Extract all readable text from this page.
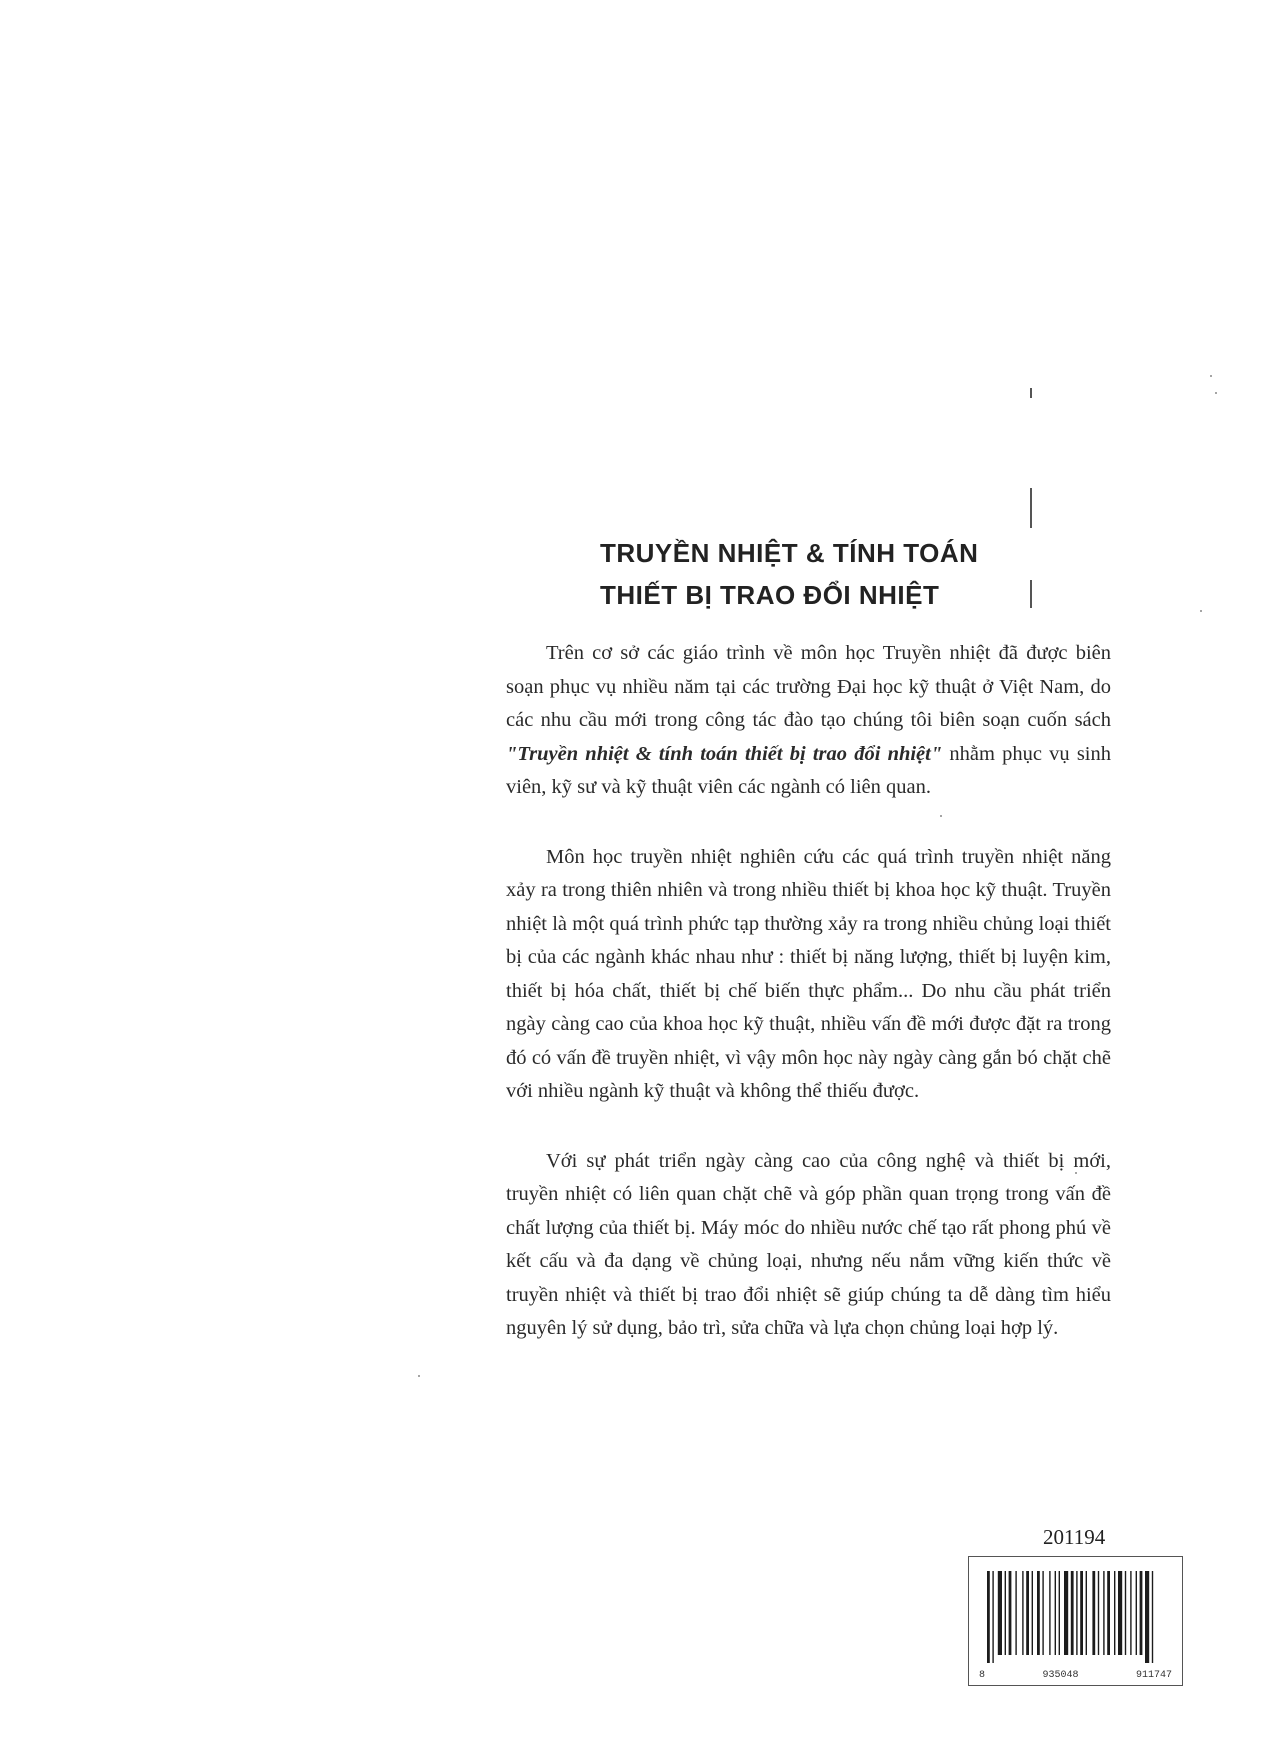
TRUYỀN NHIỆT & TÍNH TOÁN
THIẾT BỊ TRAO ĐỔI NHIỆT

Trên cơ sở các giáo trình về môn học Truyền nhiệt đã được biên soạn phục vụ nhiều năm tại các trường Đại học kỹ thuật ở Việt Nam, do các nhu cầu mới trong công tác đào tạo chúng tôi biên soạn cuốn sách "Truyền nhiệt & tính toán thiết bị trao đổi nhiệt" nhằm phục vụ sinh viên, kỹ sư và kỹ thuật viên các ngành có liên quan.

Môn học truyền nhiệt nghiên cứu các quá trình truyền nhiệt năng xảy ra trong thiên nhiên và trong nhiều thiết bị khoa học kỹ thuật. Truyền nhiệt là một quá trình phức tạp thường xảy ra trong nhiều chủng loại thiết bị của các ngành khác nhau như : thiết bị năng lượng, thiết bị luyện kim, thiết bị hóa chất, thiết bị chế biến thực phẩm... Do nhu cầu phát triển ngày càng cao của khoa học kỹ thuật, nhiều vấn đề mới được đặt ra trong đó có vấn đề truyền nhiệt, vì vậy môn học này ngày càng gắn bó chặt chẽ với nhiều ngành kỹ thuật và không thể thiếu được.

Với sự phát triển ngày càng cao của công nghệ và thiết bị mới, truyền nhiệt có liên quan chặt chẽ và góp phần quan trọng trong vấn đề chất lượng của thiết bị. Máy móc do nhiều nước chế tạo rất phong phú về kết cấu và đa dạng về chủng loại, nhưng nếu nắm vững kiến thức về truyền nhiệt và thiết bị trao đổi nhiệt sẽ giúp chúng ta dễ dàng tìm hiểu nguyên lý sử dụng, bảo trì, sửa chữa và lựa chọn chủng loại hợp lý.

201194
8	935048	911747
